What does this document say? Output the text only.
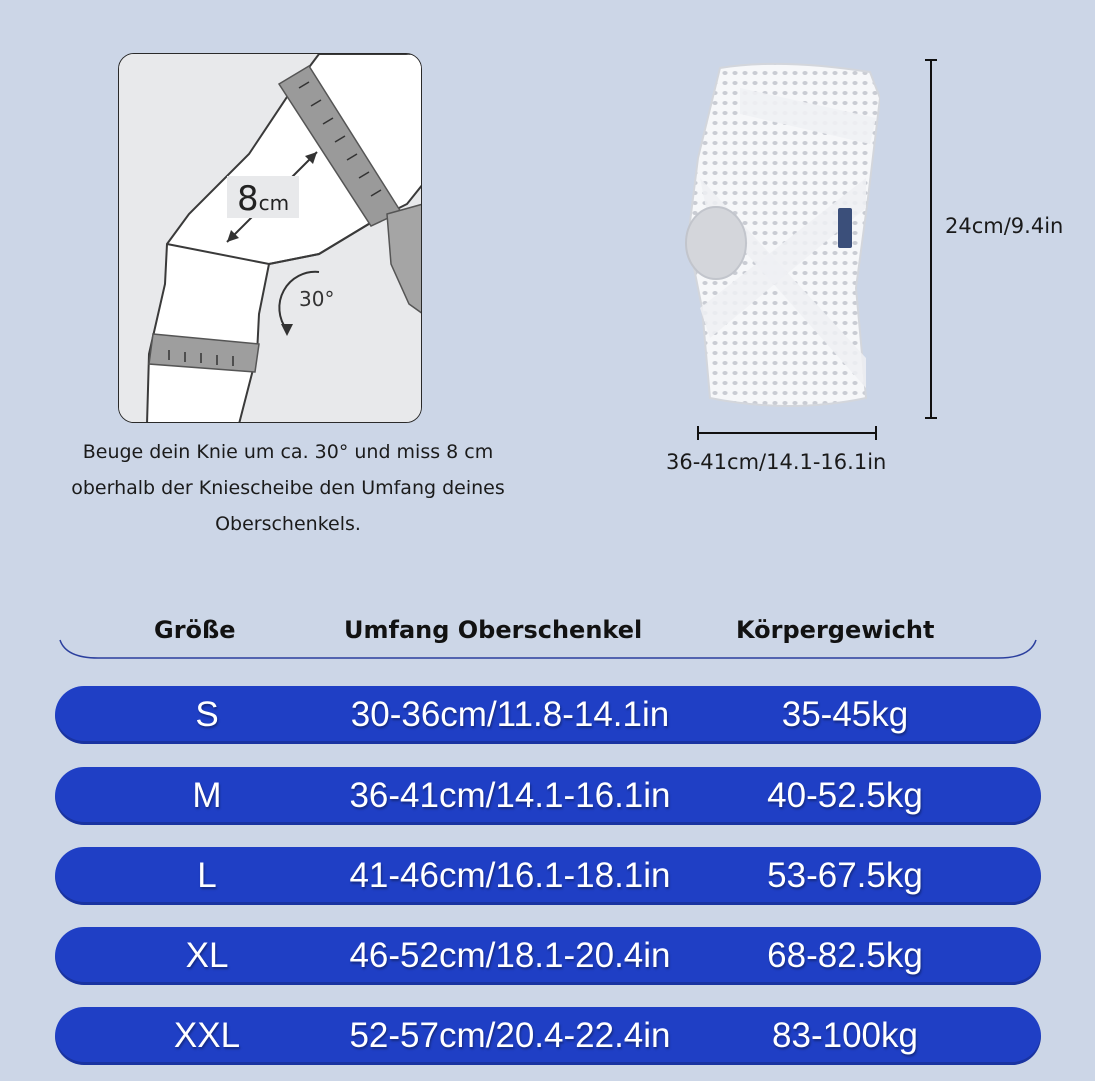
30°
8cm
Beuge dein Knie um ca. 30° und miss 8 cm
oberhalb der Kniescheibe den Umfang deines
Oberschenkels.
24cm/9.4in
36-41cm/14.1-16.1in
Größe	Umfang Oberschenkel	Körpergewicht
S	30-36cm/11.8-14.1in	35-45kg
M	36-41cm/14.1-16.1in	40-52.5kg
L	41-46cm/16.1-18.1in	53-67.5kg
XL	46-52cm/18.1-20.4in	68-82.5kg
XXL	52-57cm/20.4-22.4in	83-100kg
